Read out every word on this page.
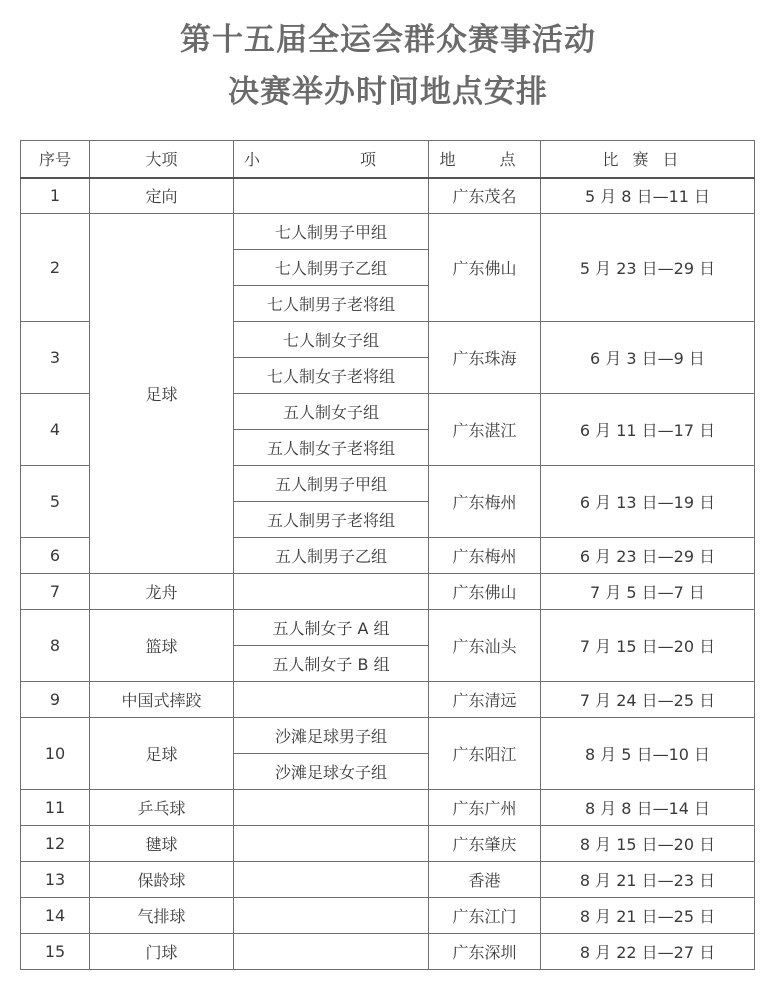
第十五届全运会群众赛事活动
决赛举办时间地点安排
序号	大项	小　项	地　点	比赛日
1	定向		广东茂名	5 月 8 日—11 日
2	足球	七人制男子甲组	广东佛山	5 月 23 日—29 日
		七人制男子乙组		
		七人制男子老将组		
3		七人制女子组	广东珠海	6 月 3 日—9 日
		七人制女子老将组		
4		五人制女子组	广东湛江	6 月 11 日—17 日
		五人制女子老将组		
5		五人制男子甲组	广东梅州	6 月 13 日—19 日
		五人制男子老将组		
6		五人制男子乙组	广东梅州	6 月 23 日—29 日
7	龙舟		广东佛山	7 月 5 日—7 日
8	篮球	五人制女子 A 组	广东汕头	7 月 15 日—20 日
		五人制女子 B 组		
9	中国式摔跤		广东清远	7 月 24 日—25 日
10	足球	沙滩足球男子组	广东阳江	8 月 5 日—10 日
		沙滩足球女子组		
11	乒乓球		广东广州	8 月 8 日—14 日
12	毽球		广东肇庆	8 月 15 日—20 日
13	保龄球		香港	8 月 21 日—23 日
14	气排球		广东江门	8 月 21 日—25 日
15	门球		广东深圳	8 月 22 日—27 日
